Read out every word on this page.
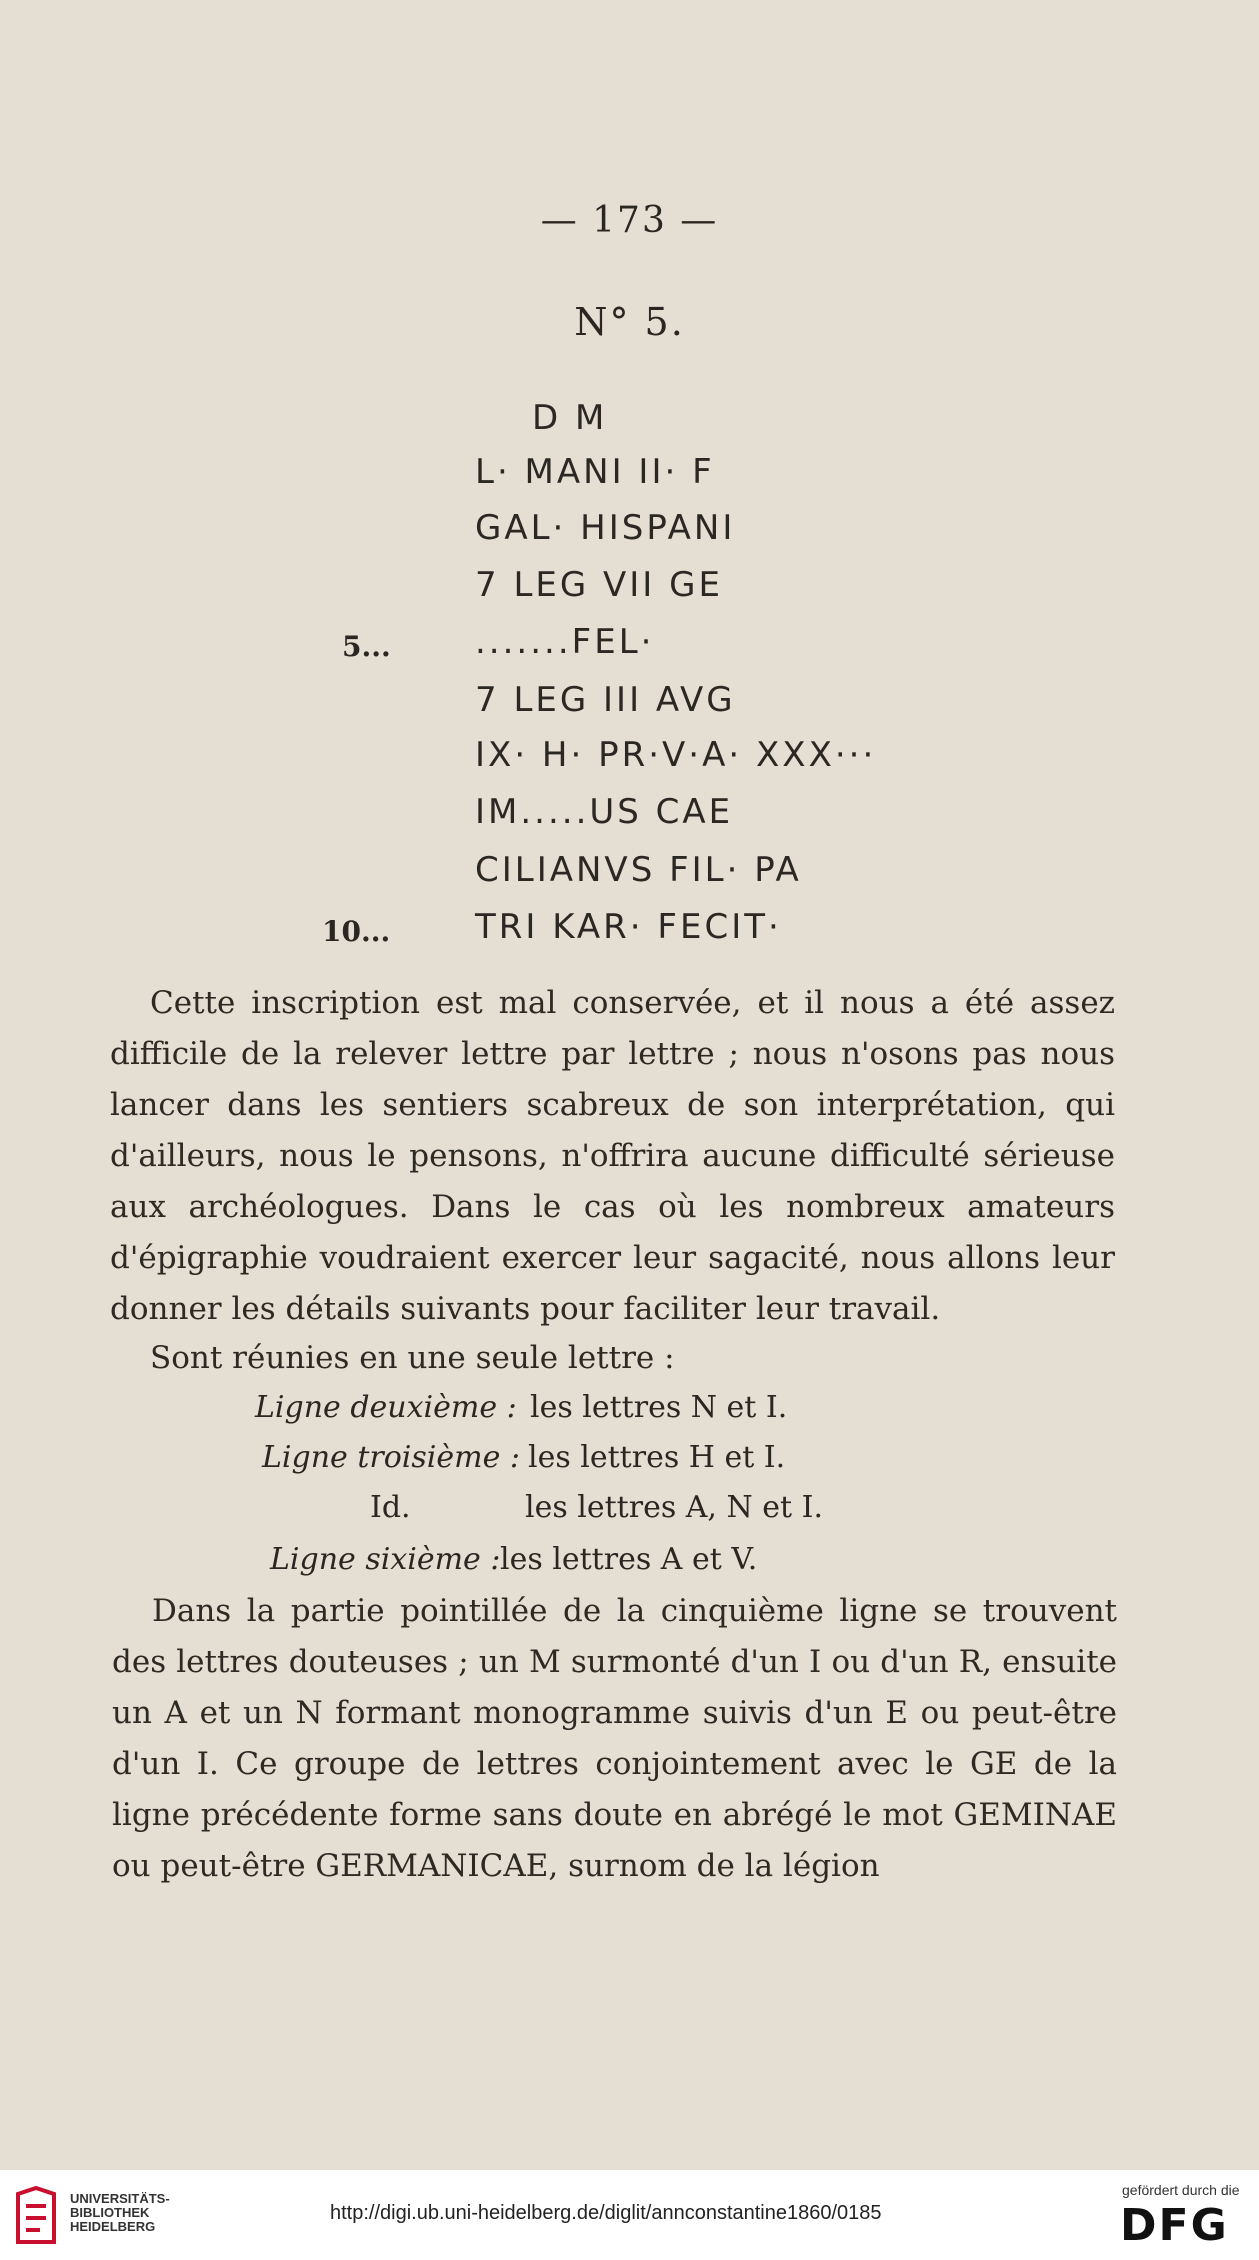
— 173 —
N° 5.
D M
L· MANI II· F
GAL· HISPANI
7 LEG VII GE
5... .......FEL·
7 LEG III AVG
IX· H· PR·V·A· XXX···
IM.....US CAE
CILIANVS FIL· PA
10... TRI KAR· FECIT·

Cette inscription est mal conservée, et il nous a été assez difficile de la relever lettre par lettre ; nous n'osons pas nous lancer dans les sentiers scabreux de son interprétation, qui d'ailleurs, nous le pensons, n'offrira aucune difficulté sérieuse aux archéologues. Dans le cas où les nombreux amateurs d'épigraphie voudraient exercer leur sagacité, nous allons leur donner les détails suivants pour faciliter leur travail.

Sont réunies en une seule lettre :
Ligne deuxième : les lettres N et I.
Ligne troisième : les lettres H et I.
Id.	les lettres A, N et I.
Ligne sixième : les lettres A et V.

Dans la partie pointillée de la cinquième ligne se trouvent des lettres douteuses ; un M surmonté d'un I ou d'un R, ensuite un A et un N formant monogramme suivis d'un E ou peut-être d'un I. Ce groupe de lettres conjointement avec le GE de la ligne précédente forme sans doute en abrégé le mot GEMINAE ou peut-être GERMANICAE, surnom de la légion

UNIVERSITÄTS-BIBLIOTHEK HEIDELBERG
http://digi.ub.uni-heidelberg.de/diglit/annconstantine1860/0185
gefördert durch die
DFG
